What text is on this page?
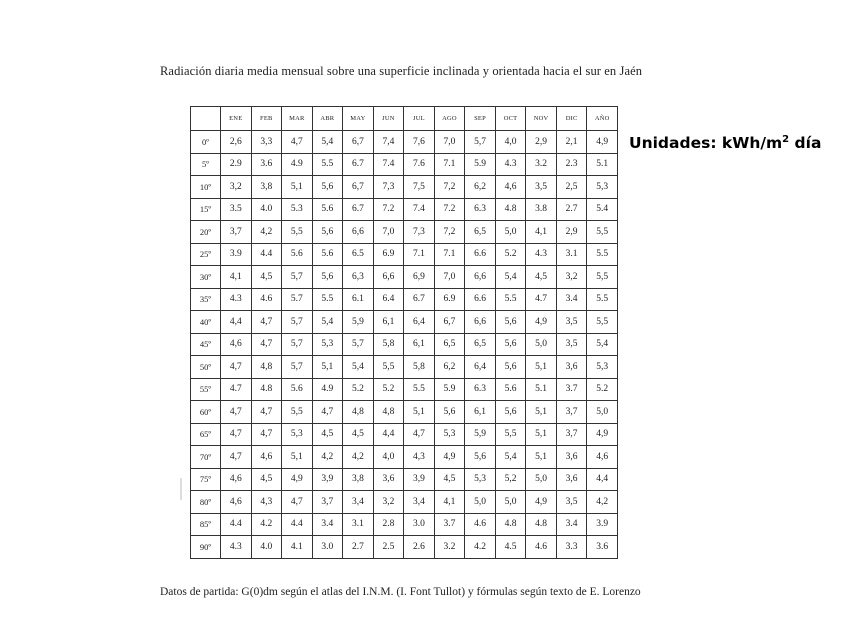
Radiación diaria media mensual sobre una superficie inclinada y orientada hacia el sur en Jaén
Unidades: kWh/$m^2$ día
	ENE	FEB	MAR	ABR	MAY	JUN	JUL	AGO	SEP	OCT	NOV	DIC	AÑO
0º	2,6	3,3	4,7	5,4	6,7	7,4	7,6	7,0	5,7	4,0	2,9	2,1	4,9
5º	2.9	3.6	4.9	5.5	6.7	7.4	7.6	7.1	5.9	4.3	3.2	2.3	5.1
10º	3,2	3,8	5,1	5,6	6,7	7,3	7,5	7,2	6,2	4,6	3,5	2,5	5,3
15º	3.5	4.0	5.3	5.6	6.7	7.2	7.4	7.2	6.3	4.8	3.8	2.7	5.4
20º	3,7	4,2	5,5	5,6	6,6	7,0	7,3	7,2	6,5	5,0	4,1	2,9	5,5
25º	3.9	4.4	5.6	5.6	6.5	6.9	7.1	7.1	6.6	5.2	4.3	3.1	5.5
30º	4,1	4,5	5,7	5,6	6,3	6,6	6,9	7,0	6,6	5,4	4,5	3,2	5,5
35º	4.3	4.6	5.7	5.5	6.1	6.4	6.7	6.9	6.6	5.5	4.7	3.4	5.5
40º	4,4	4,7	5,7	5,4	5,9	6,1	6,4	6,7	6,6	5,6	4,9	3,5	5,5
45º	4,6	4,7	5,7	5,3	5,7	5,8	6,1	6,5	6,5	5,6	5,0	3,5	5,4
50º	4,7	4,8	5,7	5,1	5,4	5,5	5,8	6,2	6,4	5,6	5,1	3,6	5,3
55º	4.7	4.8	5.6	4.9	5.2	5.2	5.5	5.9	6.3	5.6	5.1	3.7	5.2
60º	4,7	4,7	5,5	4,7	4,8	4,8	5,1	5,6	6,1	5,6	5,1	3,7	5,0
65º	4,7	4,7	5,3	4,5	4,5	4,4	4,7	5,3	5,9	5,5	5,1	3,7	4,9
70º	4,7	4,6	5,1	4,2	4,2	4,0	4,3	4,9	5,6	5,4	5,1	3,6	4,6
75º	4,6	4,5	4,9	3,9	3,8	3,6	3,9	4,5	5,3	5,2	5,0	3,6	4,4
80º	4,6	4,3	4,7	3,7	3,4	3,2	3,4	4,1	5,0	5,0	4,9	3,5	4,2
85º	4.4	4.2	4.4	3.4	3.1	2.8	3.0	3.7	4.6	4.8	4.8	3.4	3.9
90º	4.3	4.0	4.1	3.0	2.7	2.5	2.6	3.2	4.2	4.5	4.6	3.3	3.6
Datos de partida: G(0)dm según el atlas del I.N.M. (I. Font Tullot) y fórmulas según texto de E. Lorenzo
